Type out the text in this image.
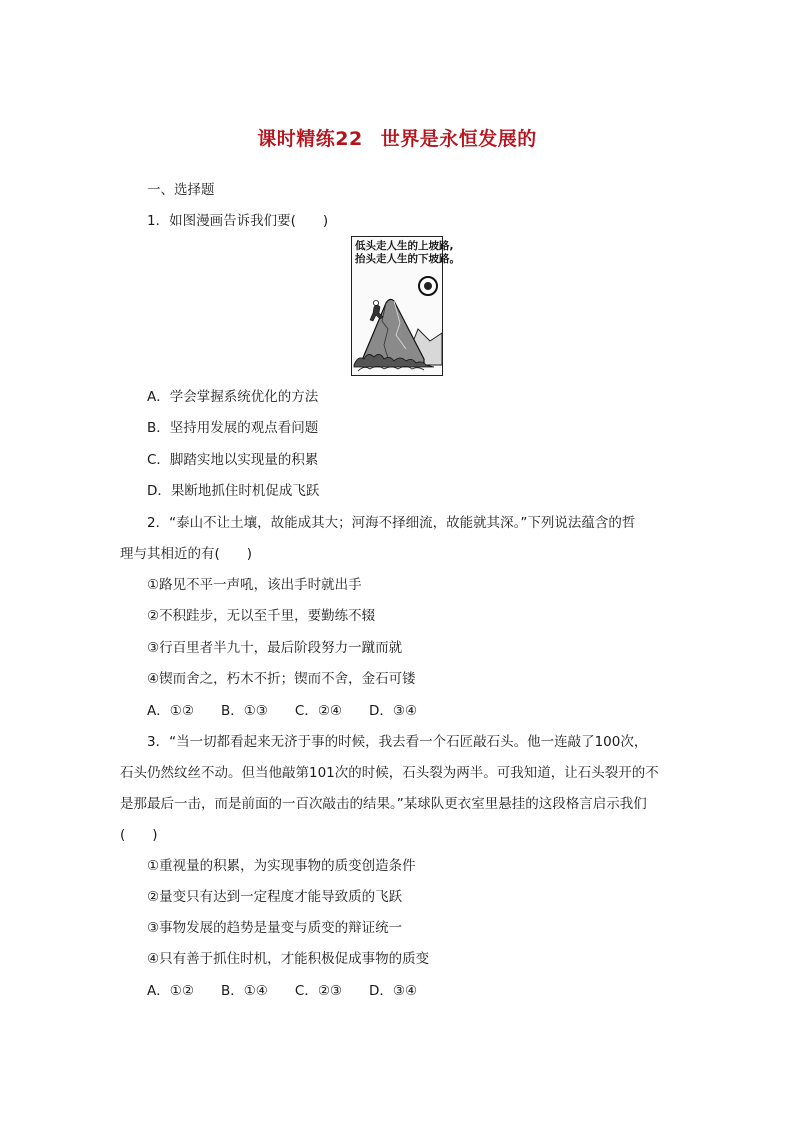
课时精练22 世界是永恒发展的
一、选择题
1．如图漫画告诉我们要(　　)
低头走人生的上坡路,
抬头走人生的下坡路。
A．学会掌握系统优化的方法
B．坚持用发展的观点看问题
C．脚踏实地以实现量的积累
D．果断地抓住时机促成飞跃
2．“泰山不让土壤，故能成其大；河海不择细流，故能就其深。”下列说法蕴含的哲
理与其相近的有(　　)
①路见不平一声吼，该出手时就出手
②不积跬步，无以至千里，要勤练不辍
③行百里者半九十，最后阶段努力一蹴而就
④锲而舍之，朽木不折；锲而不舍，金石可镂
A．①②　　B．①③　　C．②④　　D．③④
3．“当一切都看起来无济于事的时候，我去看一个石匠敲石头。他一连敲了100次，
石头仍然纹丝不动。但当他敲第101次的时候，石头裂为两半。可我知道，让石头裂开的不
是那最后一击，而是前面的一百次敲击的结果。”某球队更衣室里悬挂的这段格言启示我们
(　　)
①重视量的积累，为实现事物的质变创造条件
②量变只有达到一定程度才能导致质的飞跃
③事物发展的趋势是量变与质变的辩证统一
④只有善于抓住时机，才能积极促成事物的质变
A．①②　　B．①④　　C．②③　　D．③④
